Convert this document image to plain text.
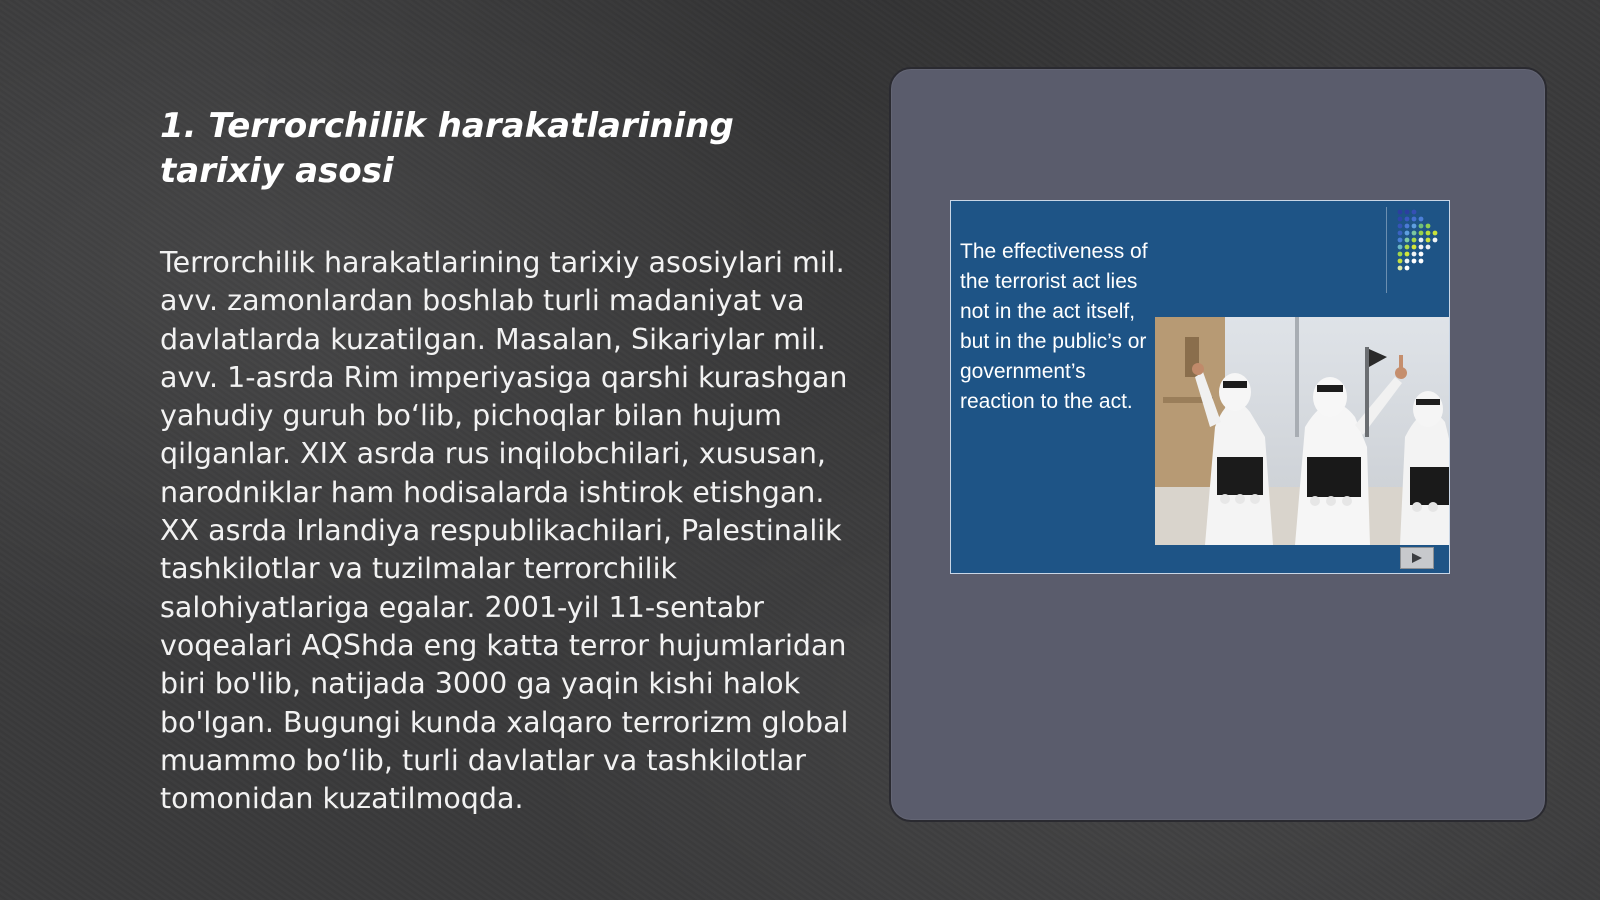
1. Terrorchilik harakatlarining tarixiy asosi

Terrorchilik harakatlarining tarixiy asosiylari mil. avv. zamonlardan boshlab turli madaniyat va davlatlarda kuzatilgan. Masalan, Sikariylar mil. avv. 1-asrda Rim imperiyasiga qarshi kurashgan yahudiy guruh bo‘lib, pichoqlar bilan hujum qilganlar. XIX asrda rus inqilobchilari, xususan, narodniklar ham hodisalarda ishtirok etishgan. XX asrda Irlandiya respublikachilari, Palestinalik tashkilotlar va tuzilmalar terrorchilik salohiyatlariga egalar. 2001-yil 11-sentabr voqealari AQShda eng katta terror hujumlaridan biri bo'lib, natijada 3000 ga yaqin kishi halok bo'lgan. Bugungi kunda xalqaro terrorizm global muammo bo‘lib, turli davlatlar va tashkilotlar tomonidan kuzatilmoqda.

The effectiveness of the terrorist act lies not in the act itself, but in the public’s or government’s reaction to the act.
